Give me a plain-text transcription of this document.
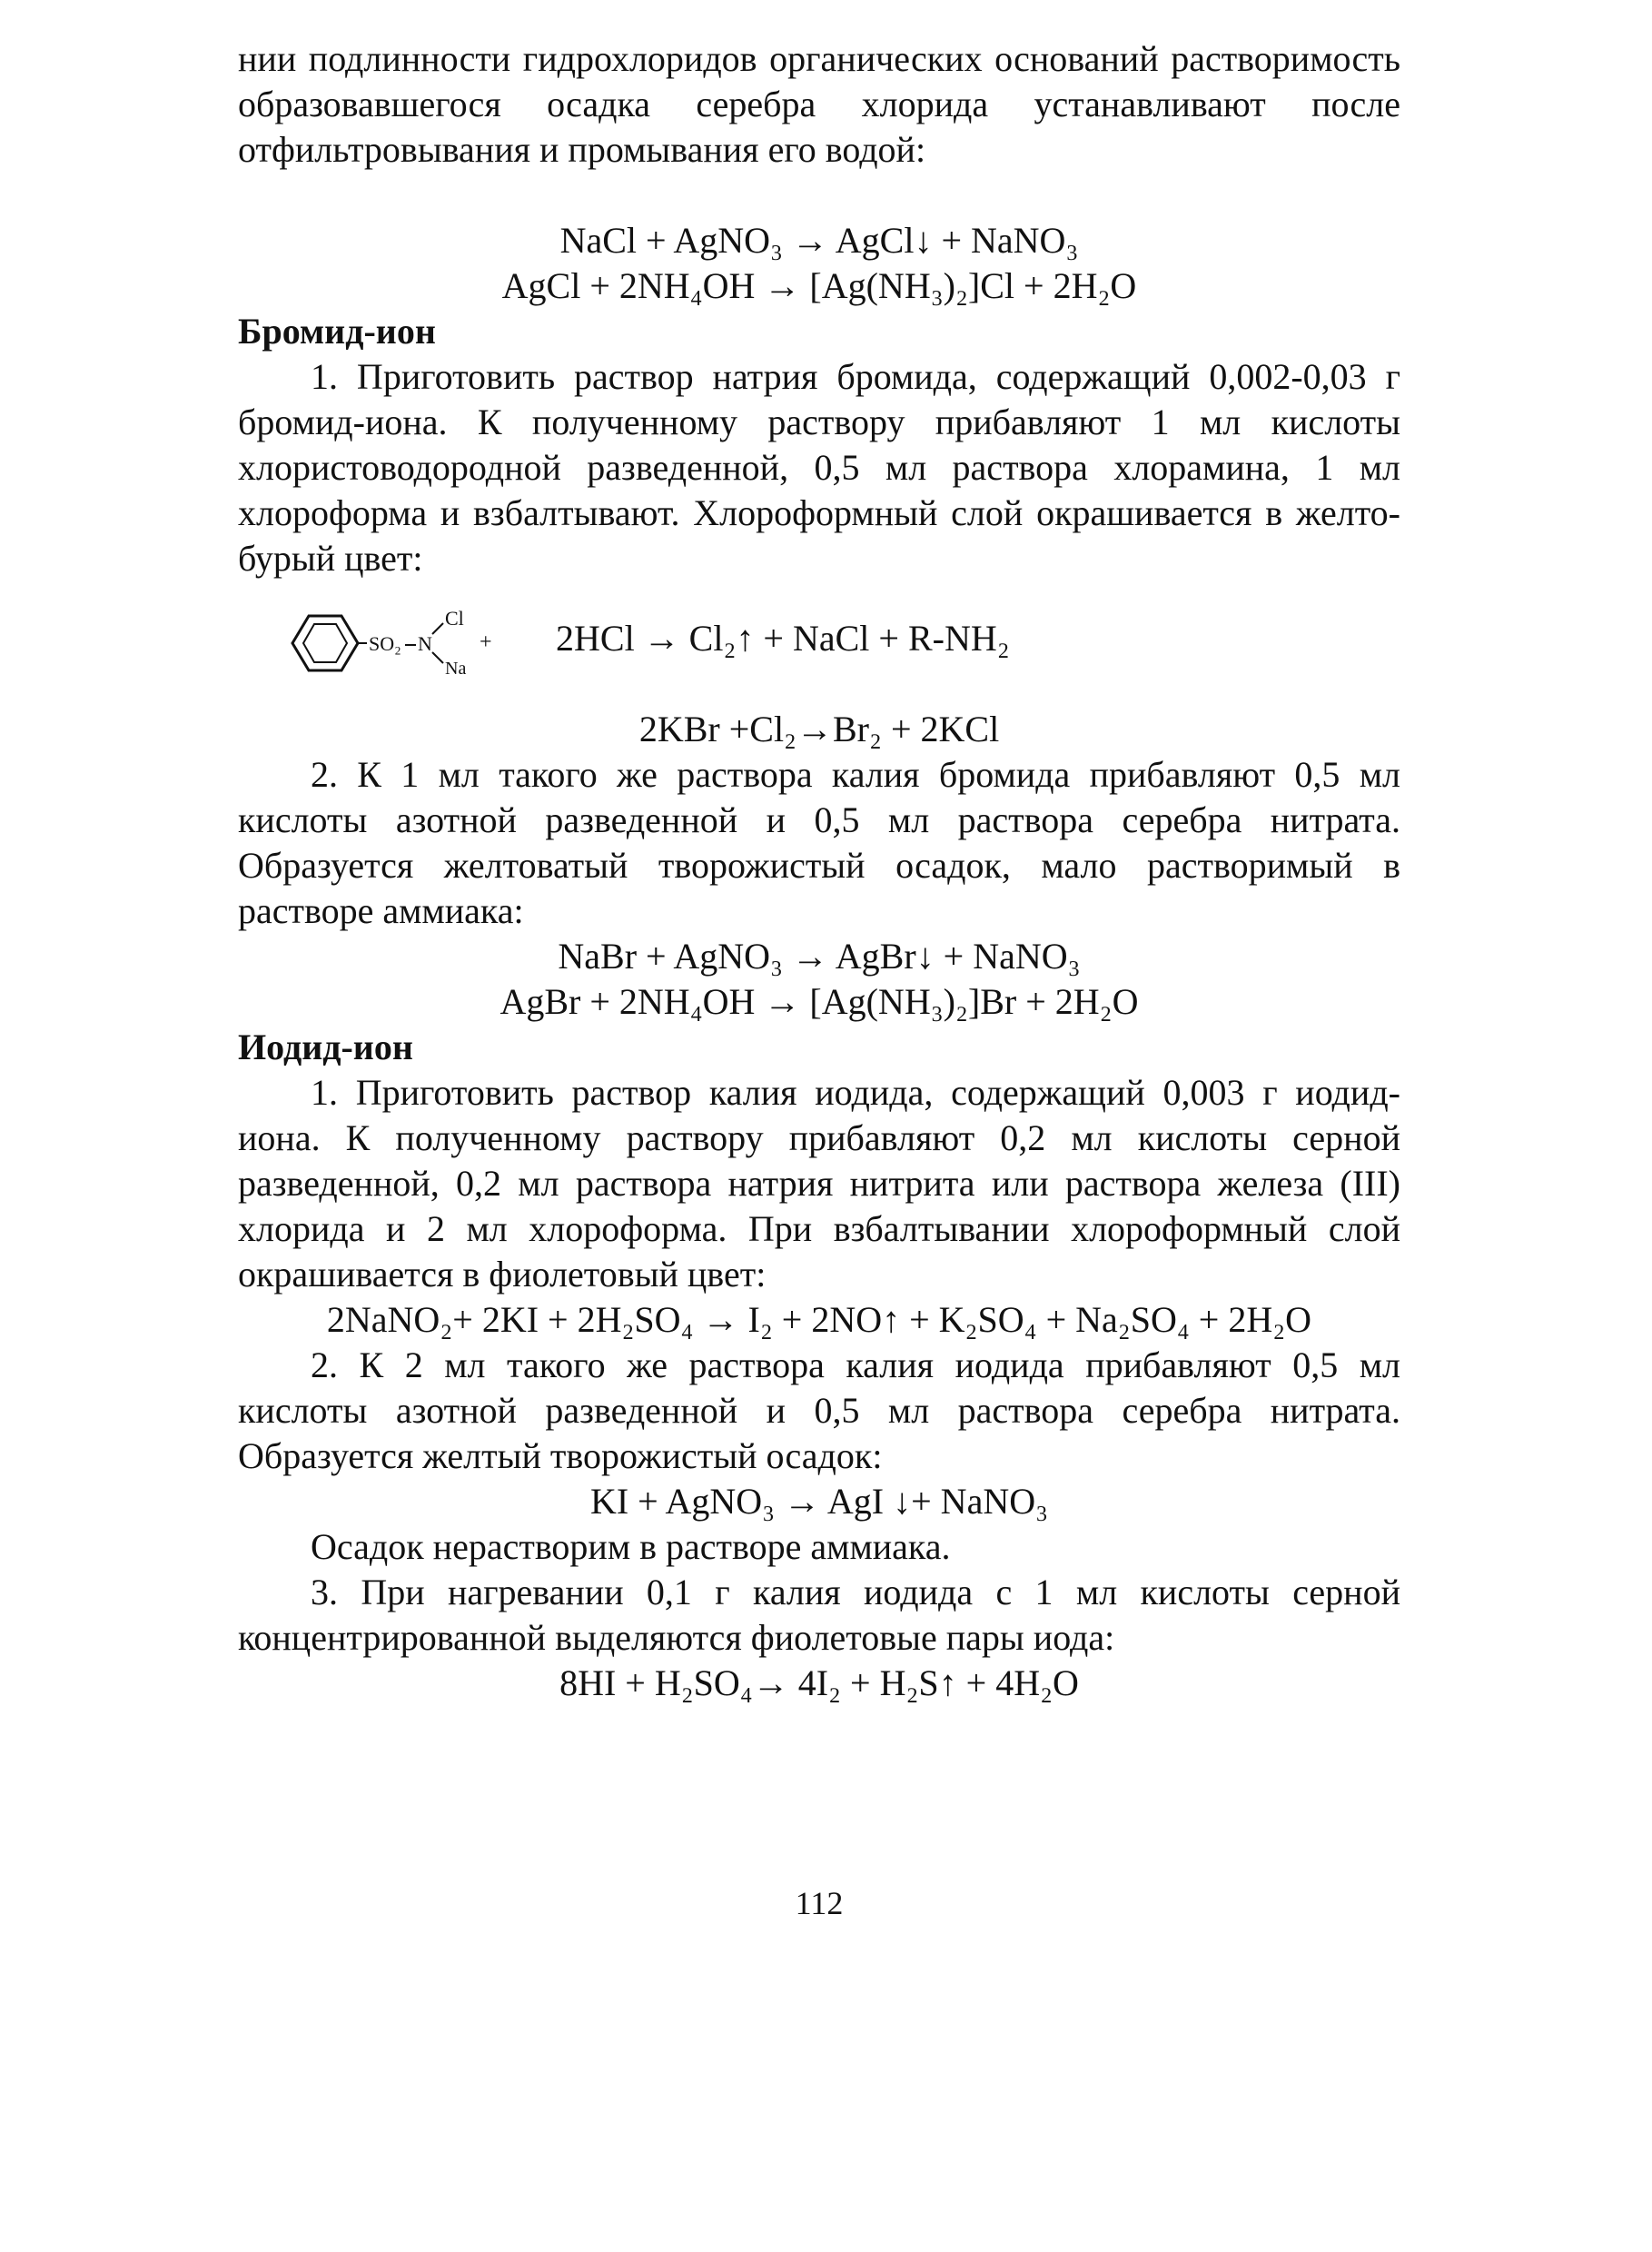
нии подлинности гидрохлоридов органических оснований растворимость образовавшегося осадка серебра хлорида устанавливают после отфильтровывания и промывания его водой:

NaCl + AgNO₃ → AgCl↓ + NaNO₃

AgCl + 2NH₄OH → [Ag(NH₃)₂]Cl + 2H₂O

Бромид-ион

1. Приготовить раствор натрия бромида, содержащий 0,002-0,03 г бромид-иона. К полученному раствору прибавляют 1 мл кислоты хлористоводородной разведенной, 0,5 мл раствора хлорамина, 1 мл хлороформа и взбалтывают. Хлороформный слой окрашивается в желто-бурый цвет:

SO₂ N
Cl
Na
+ 2HCl → Cl₂↑ + NaCl + R-NH₂

2KBr +Cl₂→Br₂ + 2KCl

2. К 1 мл такого же раствора калия бромида прибавляют 0,5 мл кислоты азотной разведенной и 0,5 мл раствора серебра нитрата. Образуется желтоватый творожистый осадок, мало растворимый в растворе аммиака:

NaBr + AgNO₃ → AgBr↓ + NaNO₃

AgBr + 2NH₄OH → [Ag(NH₃)₂]Br + 2H₂O

Иодид-ион

1. Приготовить раствор калия иодида, содержащий 0,003 г иодид-иона. К полученному раствору прибавляют 0,2 мл кислоты серной разведенной, 0,2 мл раствора натрия нитрита или раствора железа (III) хлорида и 2 мл хлороформа. При взбалтывании хлороформный слой окрашивается в фиолетовый цвет:

2NaNO₂+ 2KI + 2H₂SO₄ → I₂ + 2NO↑ + K₂SO₄ + Na₂SO₄ + 2H₂O

2. К 2 мл такого же раствора калия иодида прибавляют 0,5 мл кислоты азотной разведенной и 0,5 мл раствора серебра нитрата. Образуется желтый творожистый осадок:

KI + AgNO₃ → AgI ↓+ NaNO₃

Осадок нерастворим в растворе аммиака.

3. При нагревании 0,1 г калия иодида с 1 мл кислоты серной концентрированной выделяются фиолетовые пары иода:

8HI + H₂SO₄→ 4I₂ + H₂S↑ + 4H₂O

112
